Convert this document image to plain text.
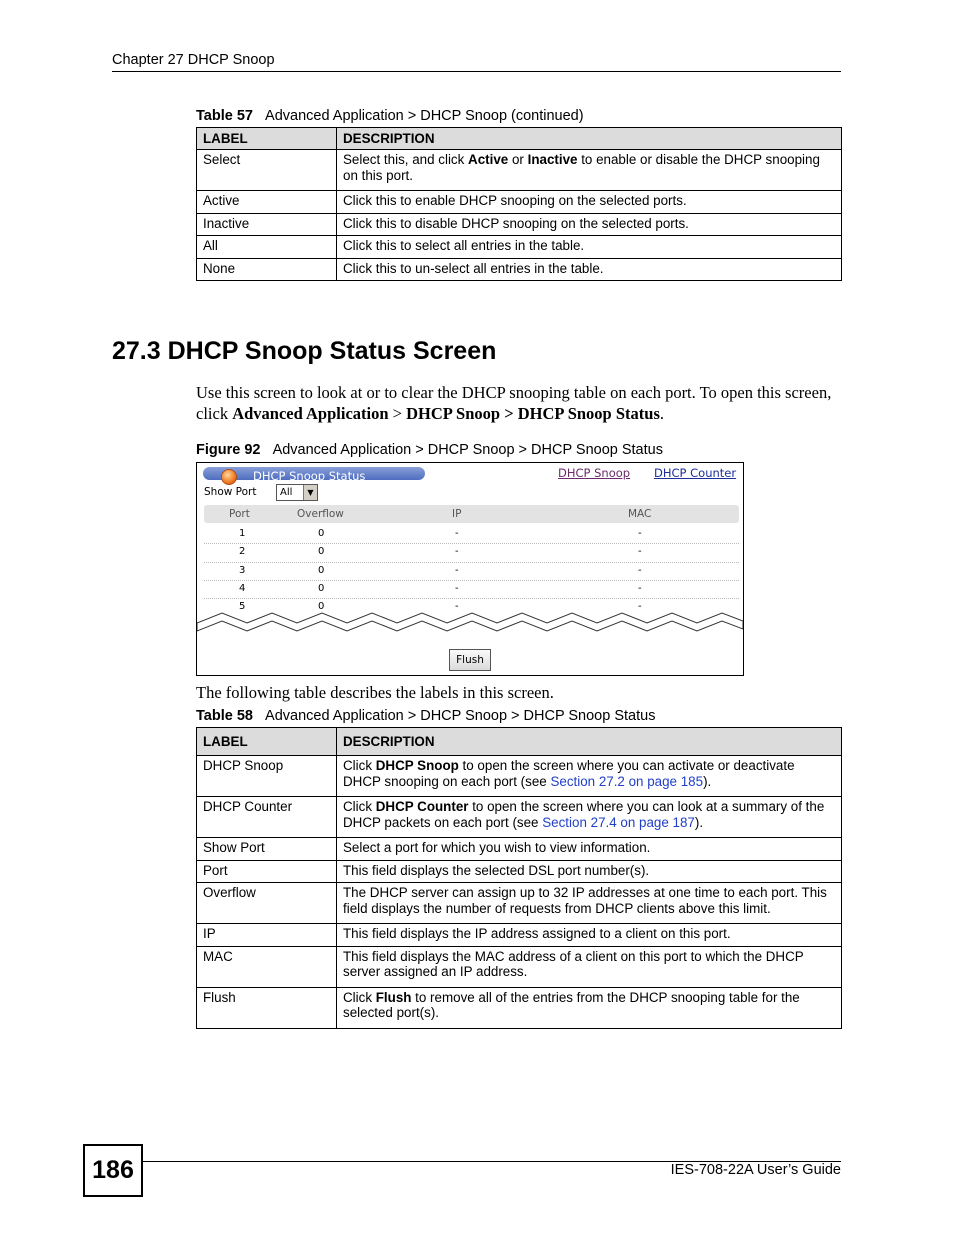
Chapter 27 DHCP Snoop
Table 57 Advanced Application > DHCP Snoop (continued)
LABEL	DESCRIPTION
Select	Select this, and click Active or Inactive to enable or disable the DHCP snooping on this port.
Active	Click this to enable DHCP snooping on the selected ports.
Inactive	Click this to disable DHCP snooping on the selected ports.
All	Click this to select all entries in the table.
None	Click this to un-select all entries in the table.
27.3 DHCP Snoop Status Screen
Use this screen to look at or to clear the DHCP snooping table on each port. To open this screen, click Advanced Application > DHCP Snoop > DHCP Snoop Status.
Figure 92 Advanced Application > DHCP Snoop > DHCP Snoop Status
DHCP Snoop Status	DHCP Snoop DHCP Counter
Show Port All	▼
Port	Overflow	IP	MAC
1	0	-	-
2	0	-	-
3	0	-	-
4	0	-	-
5	0	-	-
Flush
The following table describes the labels in this screen.
Table 58 Advanced Application > DHCP Snoop > DHCP Snoop Status
LABEL	DESCRIPTION
DHCP Snoop	Click DHCP Snoop to open the screen where you can activate or deactivate DHCP snooping on each port (see Section 27.2 on page 185).
DHCP Counter	Click DHCP Counter to open the screen where you can look at a summary of the DHCP packets on each port (see Section 27.4 on page 187).
Show Port	Select a port for which you wish to view information.
Port	This field displays the selected DSL port number(s).
Overflow	The DHCP server can assign up to 32 IP addresses at one time to each port. This field displays the number of requests from DHCP clients above this limit.
IP	This field displays the IP address assigned to a client on this port.
MAC	This field displays the MAC address of a client on this port to which the DHCP server assigned an IP address.
Flush	Click Flush to remove all of the entries from the DHCP snooping table for the selected port(s).
186	IES-708-22A User’s Guide
